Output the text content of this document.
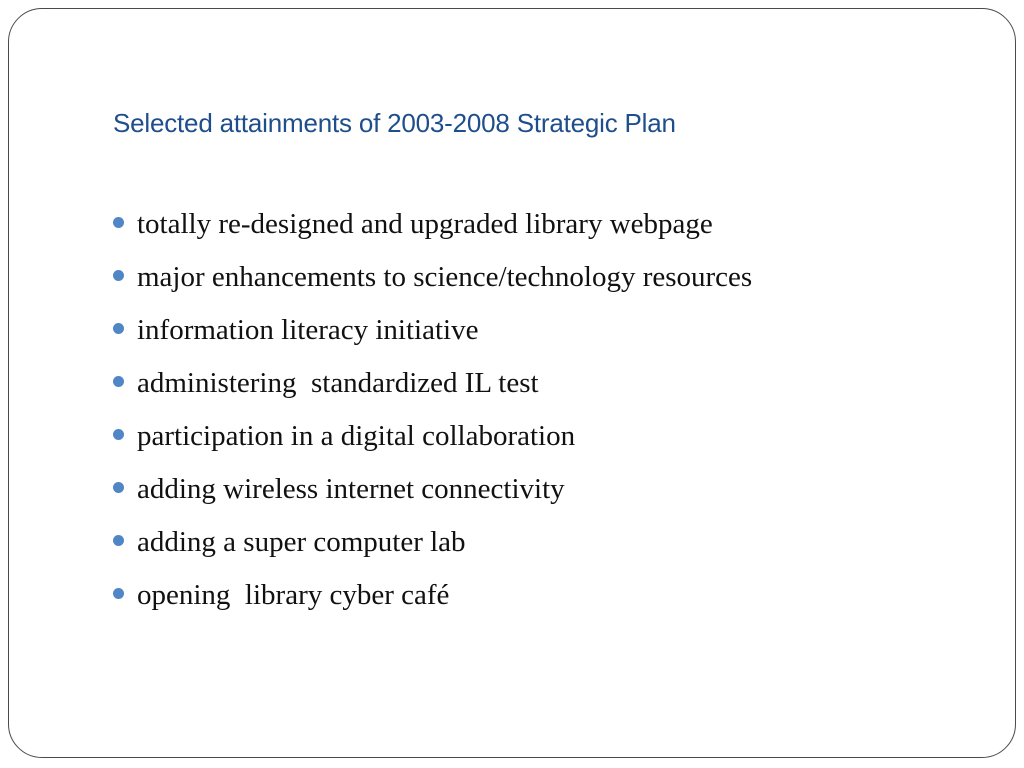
Selected attainments of 2003-2008 Strategic Plan
totally re-designed and upgraded library webpage
major enhancements to science/technology resources
information literacy initiative
administering  standardized IL test
participation in a digital collaboration
adding wireless internet connectivity
adding a super computer lab
opening  library cyber café
